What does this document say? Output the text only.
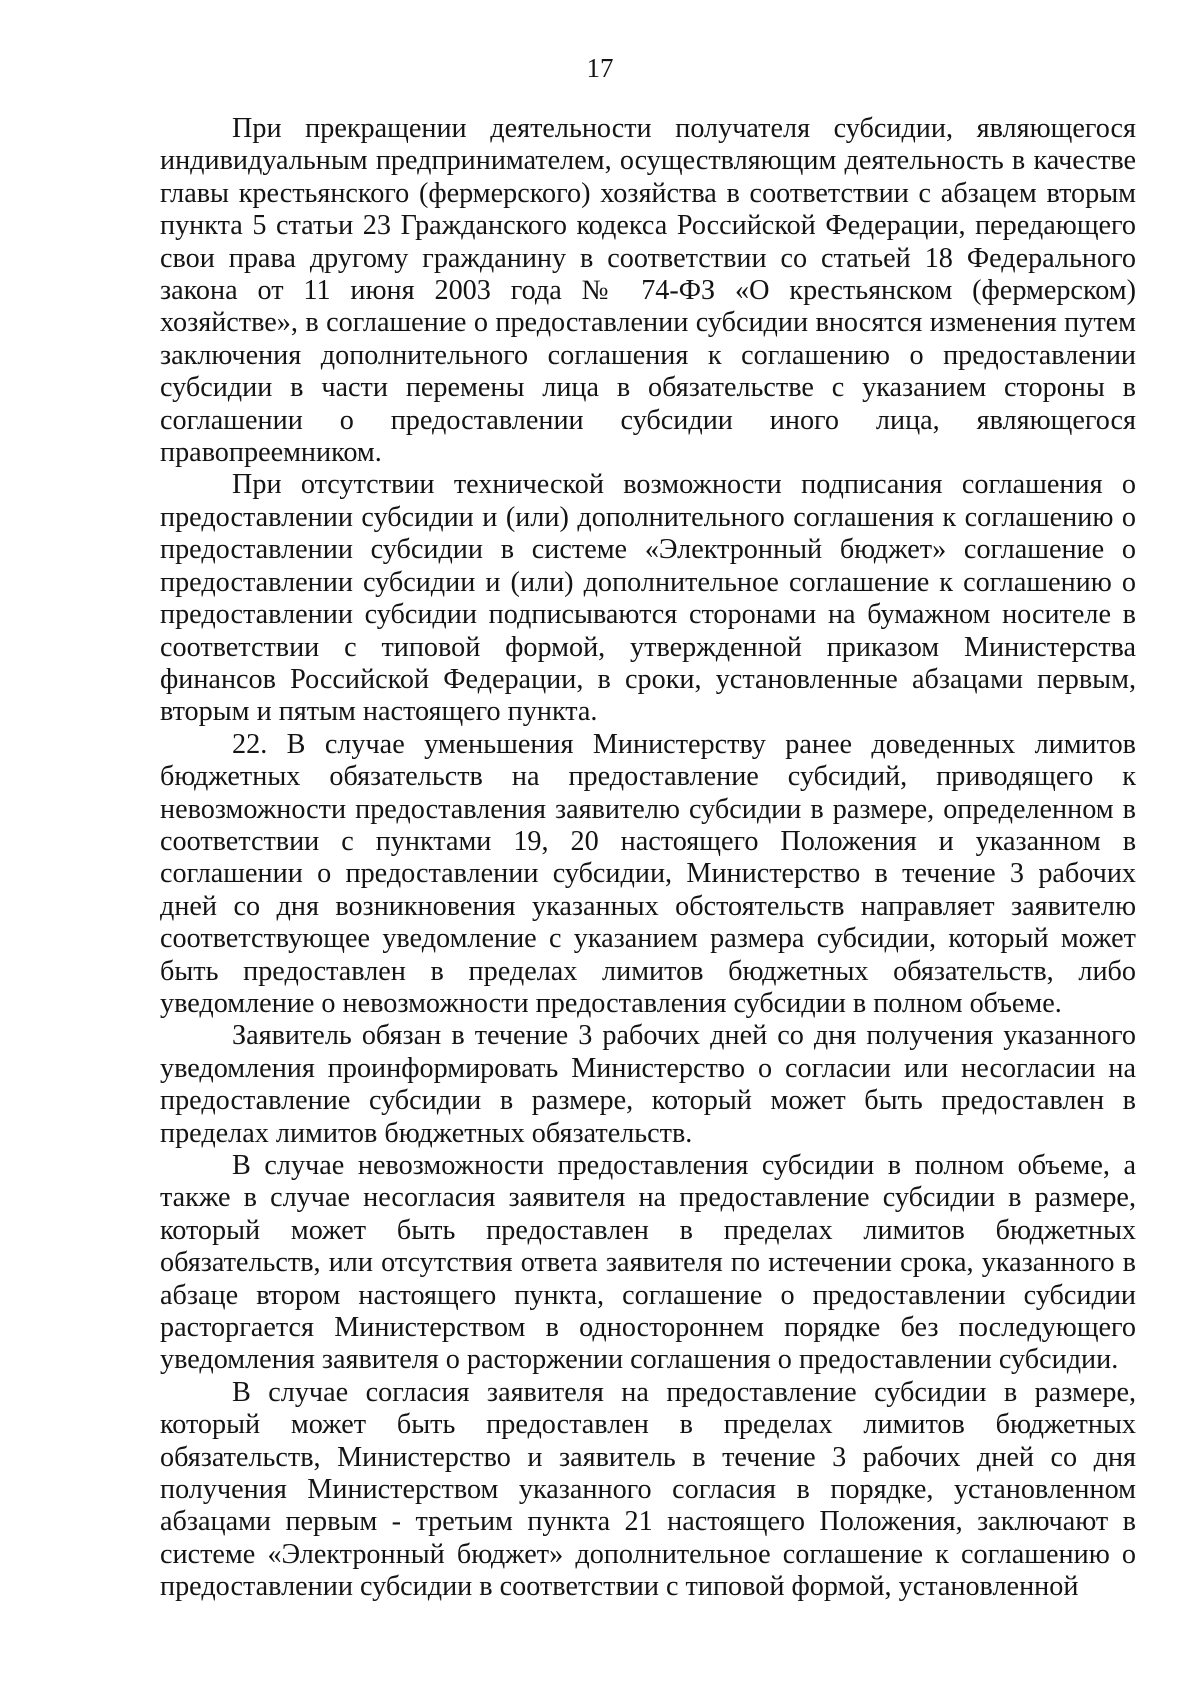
17

При прекращении деятельности получателя субсидии, являющегося индивидуальным предпринимателем, осуществляющим деятельность в качестве главы крестьянского (фермерского) хозяйства в соответствии с абзацем вторым пункта 5 статьи 23 Гражданского кодекса Российской Федерации, передающего свои права другому гражданину в соответствии со статьей 18 Федерального закона от 11 июня 2003 года № 74-ФЗ «О крестьянском (фермерском) хозяйстве», в соглашение о предоставлении субсидии вносятся изменения путем заключения дополнительного соглашения к соглашению о предоставлении субсидии в части перемены лица в обязательстве с указанием стороны в соглашении о предоставлении субсидии иного лица, являющегося правопреемником.

При отсутствии технической возможности подписания соглашения о предоставлении субсидии и (или) дополнительного соглашения к соглашению о предоставлении субсидии в системе «Электронный бюджет» соглашение о предоставлении субсидии и (или) дополнительное соглашение к соглашению о предоставлении субсидии подписываются сторонами на бумажном носителе в соответствии с типовой формой, утвержденной приказом Министерства финансов Российской Федерации, в сроки, установленные абзацами первым, вторым и пятым настоящего пункта.

22. В случае уменьшения Министерству ранее доведенных лимитов бюджетных обязательств на предоставление субсидий, приводящего к невозможности предоставления заявителю субсидии в размере, определенном в соответствии с пунктами 19, 20 настоящего Положения и указанном в соглашении о предоставлении субсидии, Министерство в течение 3 рабочих дней со дня возникновения указанных обстоятельств направляет заявителю соответствующее уведомление с указанием размера субсидии, который может быть предоставлен в пределах лимитов бюджетных обязательств, либо уведомление о невозможности предоставления субсидии в полном объеме.

Заявитель обязан в течение 3 рабочих дней со дня получения указанного уведомления проинформировать Министерство о согласии или несогласии на предоставление субсидии в размере, который может быть предоставлен в пределах лимитов бюджетных обязательств.

В случае невозможности предоставления субсидии в полном объеме, а также в случае несогласия заявителя на предоставление субсидии в размере, который может быть предоставлен в пределах лимитов бюджетных обязательств, или отсутствия ответа заявителя по истечении срока, указанного в абзаце втором настоящего пункта, соглашение о предоставлении субсидии расторгается Министерством в одностороннем порядке без последующего уведомления заявителя о расторжении соглашения о предоставлении субсидии.

В случае согласия заявителя на предоставление субсидии в размере, который может быть предоставлен в пределах лимитов бюджетных обязательств, Министерство и заявитель в течение 3 рабочих дней со дня получения Министерством указанного согласия в порядке, установленном абзацами первым - третьим пункта 21 настоящего Положения, заключают в системе «Электронный бюджет» дополнительное соглашение к соглашению о предоставлении субсидии в соответствии с типовой формой, установленной
